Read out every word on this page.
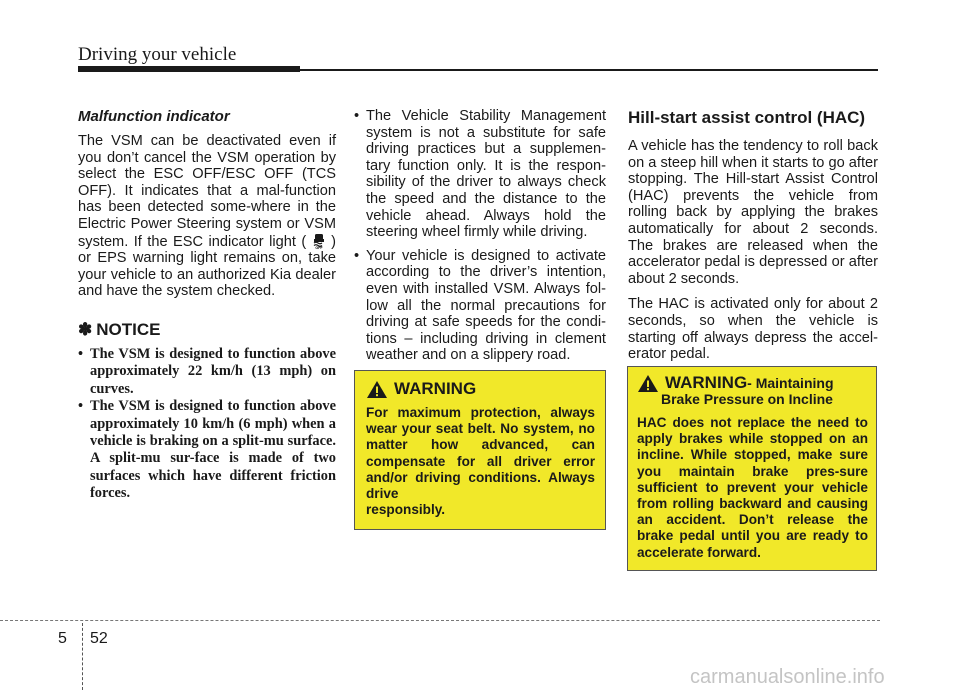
Driving your vehicle
Malfunction indicator

The VSM can be deactivated even if you don’t cancel the VSM operation by select the ESC OFF/ESC OFF (TCS OFF). It indicates that a mal-function has been detected some-where in the Electric Power Steering system or VSM system. If the ESC indicator light ( OFF ) or EPS warning light remains on, take your vehicle to an authorized Kia dealer and have the system checked.

✽ NOTICE
• The VSM is designed to function above approximately 22 km/h (13 mph) on curves.
• The VSM is designed to function above approximately 10 km/h (6 mph) when a vehicle is braking on a split-mu surface. A split-mu sur-face is made of two surfaces which have different friction forces.
• The Vehicle Stability Management system is not a substitute for safe driving practices but a supplemen-tary function only. It is the respon-sibility of the driver to always check the speed and the distance to the vehicle ahead. Always hold the steering wheel firmly while driving.
• Your vehicle is designed to activate according to the driver’s intention, even with installed VSM. Always fol-low all the normal precautions for driving at safe speeds for the condi-tions – including driving in clement weather and on a slippery road.
WARNING

For maximum protection, always wear your seat belt. No system, no matter how advanced, can compensate for all driver error and/or driving conditions. Always drive
responsibly.

Hill-start assist control (HAC)

A vehicle has the tendency to roll back on a steep hill when it starts to go after stopping. The Hill-start Assist Control (HAC) prevents the vehicle from rolling back by applying the brakes automatically for about 2 seconds. The brakes are released when the accelerator pedal is depressed or after about 2 seconds.

The HAC is activated only for about 2 seconds, so when the vehicle is starting off always depress the accel-erator pedal.

WARNING - Maintaining
Brake Pressure on Incline

HAC does not replace the need to apply brakes while stopped on an incline. While stopped, make sure you maintain brake pres-sure sufficient to prevent your vehicle from rolling backward and causing an accident. Don’t release the brake pedal until you are ready to accelerate forward.

5 52
carmanualsonline.info
